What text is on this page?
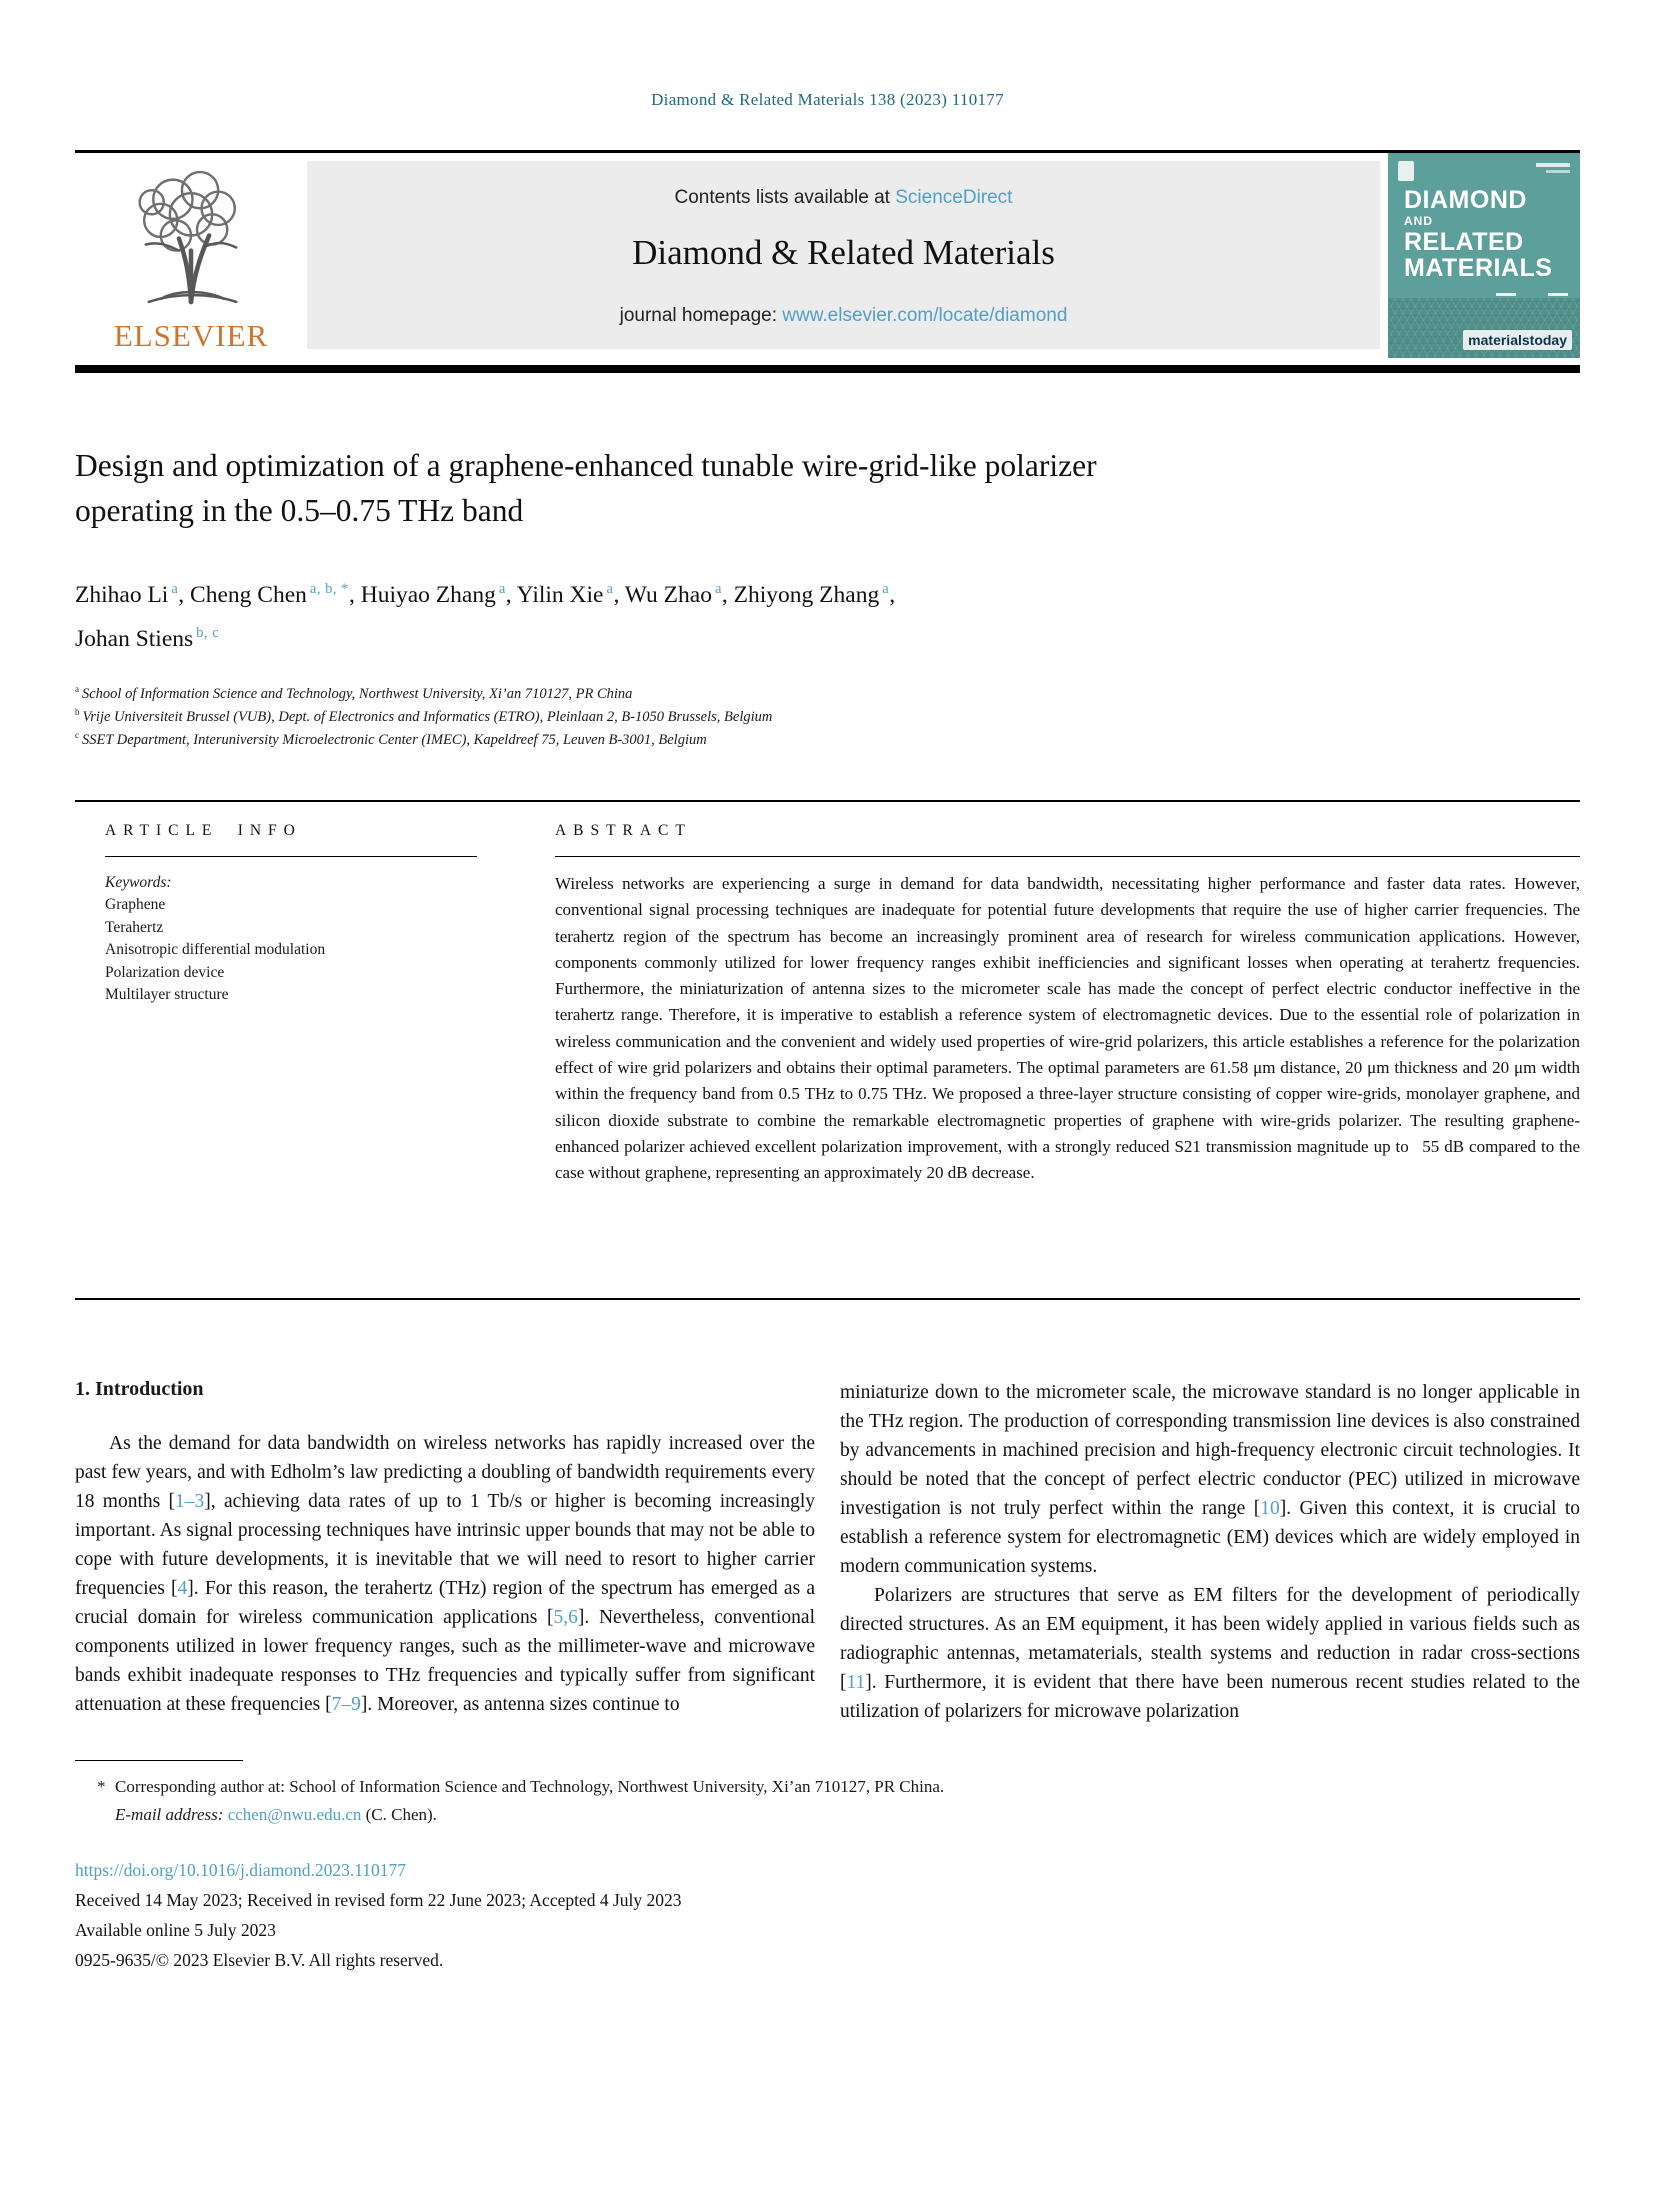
Diamond & Related Materials 138 (2023) 110177
ELSEVIER
Contents lists available at ScienceDirect
Diamond & Related Materials
journal homepage: www.elsevier.com/locate/diamond
DIAMOND
AND
RELATED
MATERIALS
materialstoday
Design and optimization of a graphene-enhanced tunable wire-grid-like polarizer operating in the 0.5–0.75 THz band
Zhihao Li $^a$, Cheng Chen $^{a, b, *}$, Huiyao Zhang $^a$, Yilin Xie $^a$, Wu Zhao $^a$, Zhiyong Zhang $^a$,
Johan Stiens $^{b, c}$
$^a$ School of Information Science and Technology, Northwest University, Xi’an 710127, PR China
$^b$ Vrije Universiteit Brussel (VUB), Dept. of Electronics and Informatics (ETRO), Pleinlaan 2, B-1050 Brussels, Belgium
$^c$ SSET Department, Interuniversity Microelectronic Center (IMEC), Kapeldreef 75, Leuven B-3001, Belgium
ARTICLE INFO
Keywords:
Graphene
Terahertz
Anisotropic differential modulation
Polarization device
Multilayer structure
ABSTRACT

Wireless networks are experiencing a surge in demand for data bandwidth, necessitating higher performance and faster data rates. However, conventional signal processing techniques are inadequate for potential future developments that require the use of higher carrier frequencies. The terahertz region of the spectrum has become an increasingly prominent area of research for wireless communication applications. However, components commonly utilized for lower frequency ranges exhibit inefficiencies and significant losses when operating at terahertz frequencies. Furthermore, the miniaturization of antenna sizes to the micrometer scale has made the concept of perfect electric conductor ineffective in the terahertz range. Therefore, it is imperative to establish a reference system of electromagnetic devices. Due to the essential role of polarization in wireless communication and the convenient and widely used properties of wire-grid polarizers, this article establishes a reference for the polarization effect of wire grid polarizers and obtains their optimal parameters. The optimal parameters are 61.58 μm distance, 20 μm thickness and 20 μm width within the frequency band from 0.5 THz to 0.75 THz. We proposed a three-layer structure consisting of copper wire-grids, monolayer graphene, and silicon dioxide substrate to combine the remarkable electromagnetic properties of graphene with wire-grids polarizer. The resulting graphene-enhanced polarizer achieved excellent polarization improvement, with a strongly reduced S21 transmission magnitude up to  55 dB compared to the case without graphene, representing an approximately 20 dB decrease.

1. Introduction

As the demand for data bandwidth on wireless networks has rapidly increased over the past few years, and with Edholm’s law predicting a doubling of bandwidth requirements every 18 months [1–3], achieving data rates of up to 1 Tb/s or higher is becoming increasingly important. As signal processing techniques have intrinsic upper bounds that may not be able to cope with future developments, it is inevitable that we will need to resort to higher carrier frequencies [4]. For this reason, the terahertz (THz) region of the spectrum has emerged as a crucial domain for wireless communication applications [5,6]. Nevertheless, conventional components utilized in lower frequency ranges, such as the millimeter-wave and microwave bands exhibit inadequate responses to THz frequencies and typically suffer from significant attenuation at these frequencies [7–9]. Moreover, as antenna sizes continue to

miniaturize down to the micrometer scale, the microwave standard is no longer applicable in the THz region. The production of corresponding transmission line devices is also constrained by advancements in machined precision and high-frequency electronic circuit technologies. It should be noted that the concept of perfect electric conductor (PEC) utilized in microwave investigation is not truly perfect within the range [10]. Given this context, it is crucial to establish a reference system for electromagnetic (EM) devices which are widely employed in modern communication systems.

Polarizers are structures that serve as EM filters for the development of periodically directed structures. As an EM equipment, it has been widely applied in various fields such as radiographic antennas, metamaterials, stealth systems and reduction in radar cross-sections [11]. Furthermore, it is evident that there have been numerous recent studies related to the utilization of polarizers for microwave polarization

* Corresponding author at: School of Information Science and Technology, Northwest University, Xi’an 710127, PR China.
E-mail address: cchen@nwu.edu.cn (C. Chen).
https://doi.org/10.1016/j.diamond.2023.110177
Received 14 May 2023; Received in revised form 22 June 2023; Accepted 4 July 2023
Available online 5 July 2023
0925-9635/© 2023 Elsevier B.V. All rights reserved.
